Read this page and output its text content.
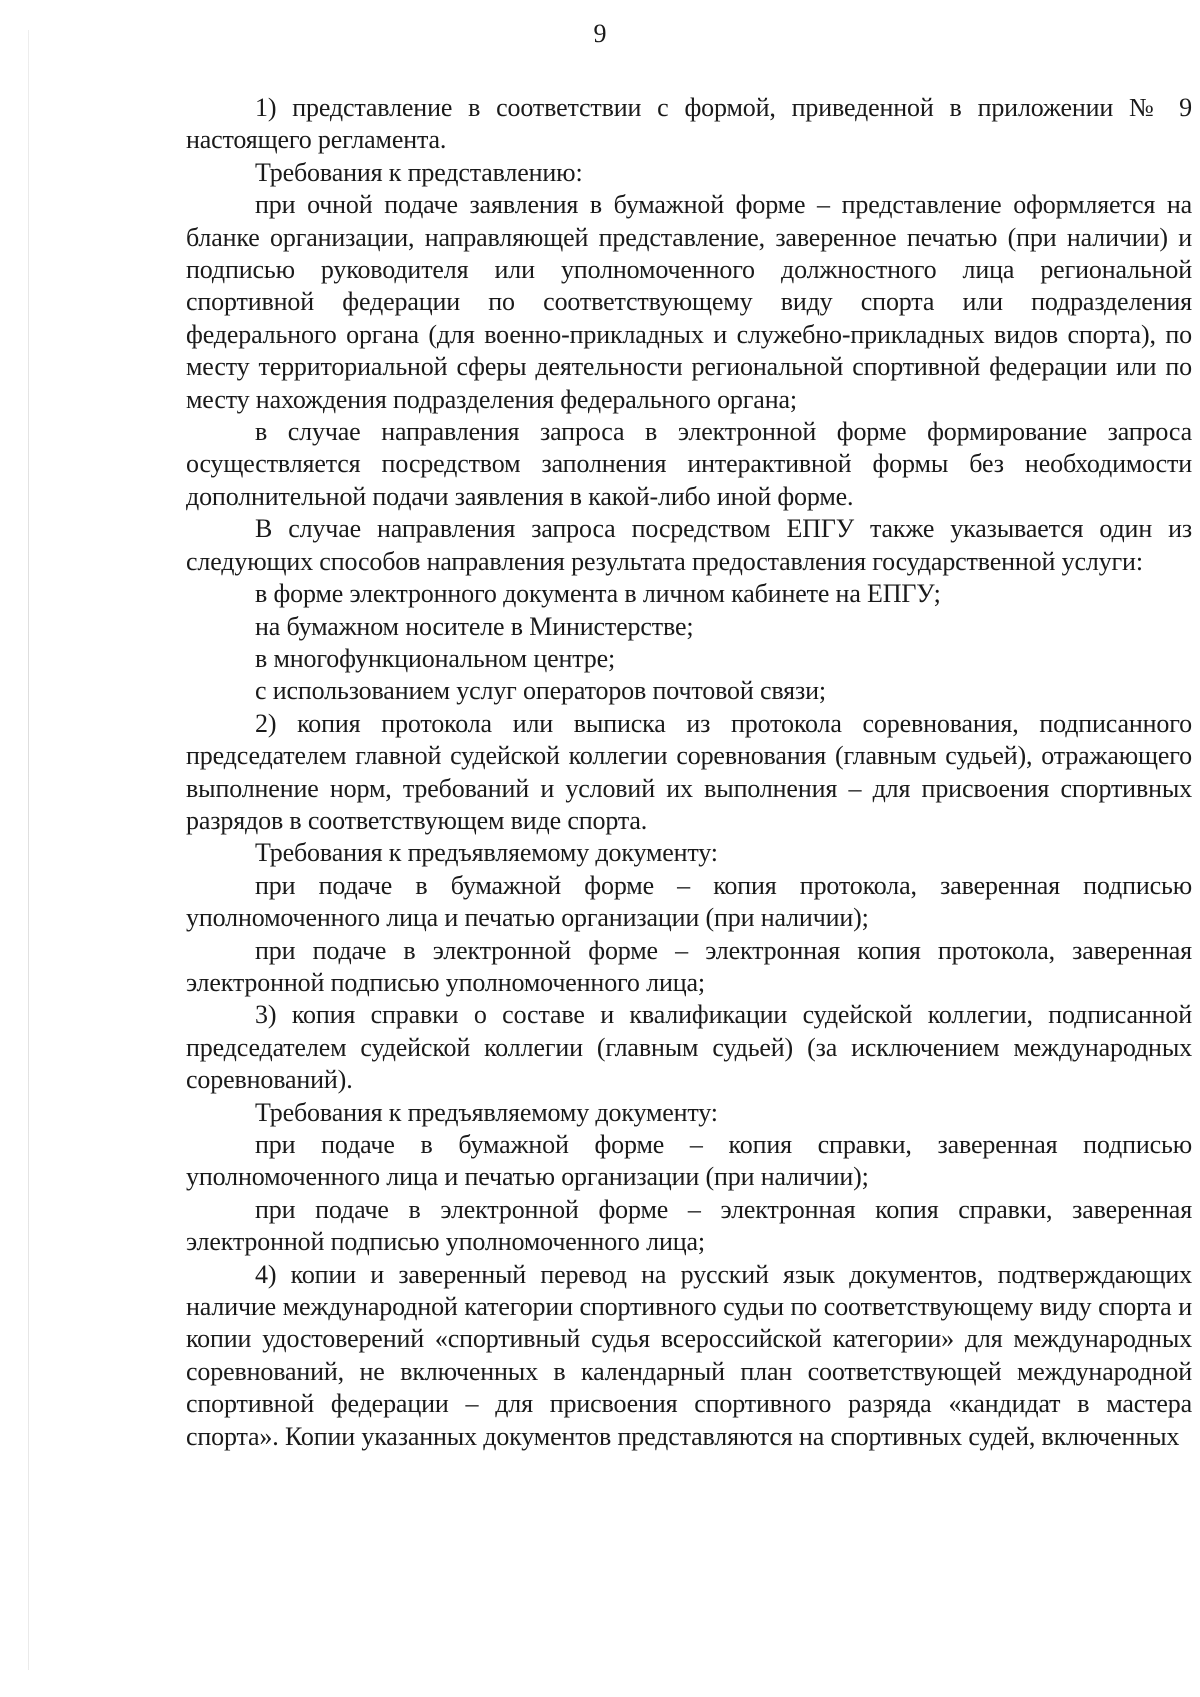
9

1) представление в соответствии с формой, приведенной в приложении № 9 настоящего регламента.

Требования к представлению:

при очной подаче заявления в бумажной форме – представление оформляется на бланке организации, направляющей представление, заверенное печатью (при наличии) и подписью руководителя или уполномоченного должностного лица региональной спортивной федерации по соответствующему виду спорта или подразделения федерального органа (для военно-прикладных и служебно-прикладных видов спорта), по месту территориальной сферы деятельности региональной спортивной федерации или по месту нахождения подразделения федерального органа;

в случае направления запроса в электронной форме формирование запроса осуществляется посредством заполнения интерактивной формы без необходимости дополнительной подачи заявления в какой-либо иной форме.

В случае направления запроса посредством ЕПГУ также указывается один из следующих способов направления результата предоставления государственной услуги:

в форме электронного документа в личном кабинете на ЕПГУ;

на бумажном носителе в Министерстве;

в многофункциональном центре;

с использованием услуг операторов почтовой связи;

2) копия протокола или выписка из протокола соревнования, подписанного председателем главной судейской коллегии соревнования (главным судьей), отражающего выполнение норм, требований и условий их выполнения – для присвоения спортивных разрядов в соответствующем виде спорта.

Требования к предъявляемому документу:

при подаче в бумажной форме – копия протокола, заверенная подписью уполномоченного лица и печатью организации (при наличии);

при подаче в электронной форме – электронная копия протокола, заверенная электронной подписью уполномоченного лица;

3) копия справки о составе и квалификации судейской коллегии, подписанной председателем судейской коллегии (главным судьей) (за исключением международных соревнований).

Требования к предъявляемому документу:

при подаче в бумажной форме – копия справки, заверенная подписью уполномоченного лица и печатью организации (при наличии);

при подаче в электронной форме – электронная копия справки, заверенная электронной подписью уполномоченного лица;

4) копии и заверенный перевод на русский язык документов, подтверждающих наличие международной категории спортивного судьи по соответствующему виду спорта и копии удостоверений «спортивный судья всероссийской категории» для международных соревнований, не включенных в календарный план соответствующей международной спортивной федерации – для присвоения спортивного разряда «кандидат в мастера спорта». Копии указанных документов представляются на спортивных судей, включенных
